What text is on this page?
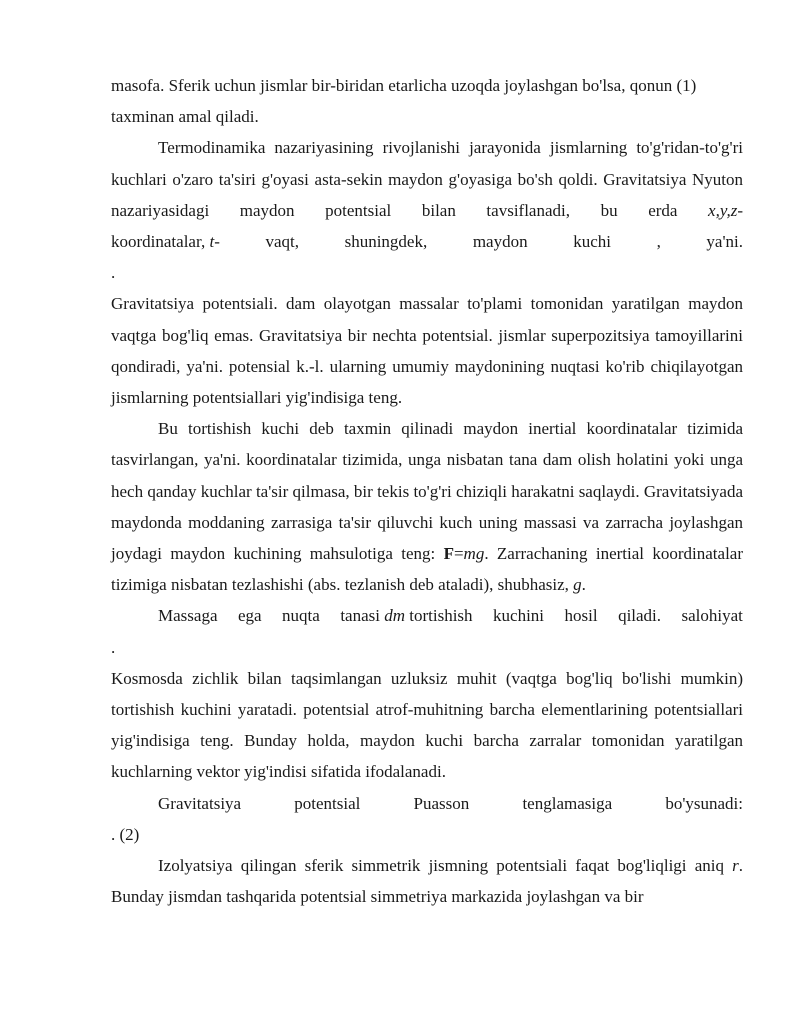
masofa. Sferik uchun jismlar bir-biridan etarlicha uzoqda joylashgan bo'lsa, qonun (1)

taxminan amal qiladi.

Termodinamika nazariyasining rivojlanishi jarayonida jismlarning to'g'ridan-to'g'ri kuchlari o'zaro ta'siri g'oyasi asta-sekin maydon g'oyasiga bo'sh qoldi. Gravitatsiya Nyuton nazariyasidagi maydon potentsial bilan tavsiflanadi, bu erda x,y,z-

koordinatalar, t-	vaqt,	shuningdek,	maydon	kuchi	,	ya'ni.

.

Gravitatsiya potentsiali. dam olayotgan massalar to'plami tomonidan yaratilgan maydon vaqtga bog'liq emas. Gravitatsiya bir nechta potentsial. jismlar superpozitsiya tamoyillarini qondiradi, ya'ni. potensial k.-l. ularning umumiy maydonining nuqtasi ko'rib chiqilayotgan jismlarning potentsiallari yig'indisiga teng.

Bu tortishish kuchi deb taxmin qilinadi maydon inertial koordinatalar tizimida tasvirlangan, ya'ni. koordinatalar tizimida, unga nisbatan tana dam olish holatini yoki unga hech qanday kuchlar ta'sir qilmasa, bir tekis to'g'ri chiziqli harakatni saqlaydi. Gravitatsiyada maydonda moddaning zarrasiga ta'sir qiluvchi kuch uning massasi va zarracha joylashgan joydagi maydon kuchining mahsulotiga teng: F=mg. Zarrachaning inertial koordinatalar tizimiga nisbatan tezlashishi (abs. tezlanish deb ataladi), shubhasiz, g.

Massaga ega nuqta tanasi dm tortishish kuchini hosil qiladi. salohiyat

.

Kosmosda zichlik bilan taqsimlangan uzluksiz muhit (vaqtga bog'liq bo'lishi mumkin) tortishish kuchini yaratadi. potentsial atrof-muhitning barcha elementlarining potentsiallari yig'indisiga teng. Bunday holda, maydon kuchi barcha zarralar tomonidan yaratilgan kuchlarning vektor yig'indisi sifatida ifodalanadi.

Gravitatsiya	potentsial	Puasson	tenglamasiga	bo'ysunadi:

. (2)

Izolyatsiya qilingan sferik simmetrik jismning potentsiali faqat bog'liqligi aniq r. Bunday jismdan tashqarida potentsial simmetriya markazida joylashgan va bir
